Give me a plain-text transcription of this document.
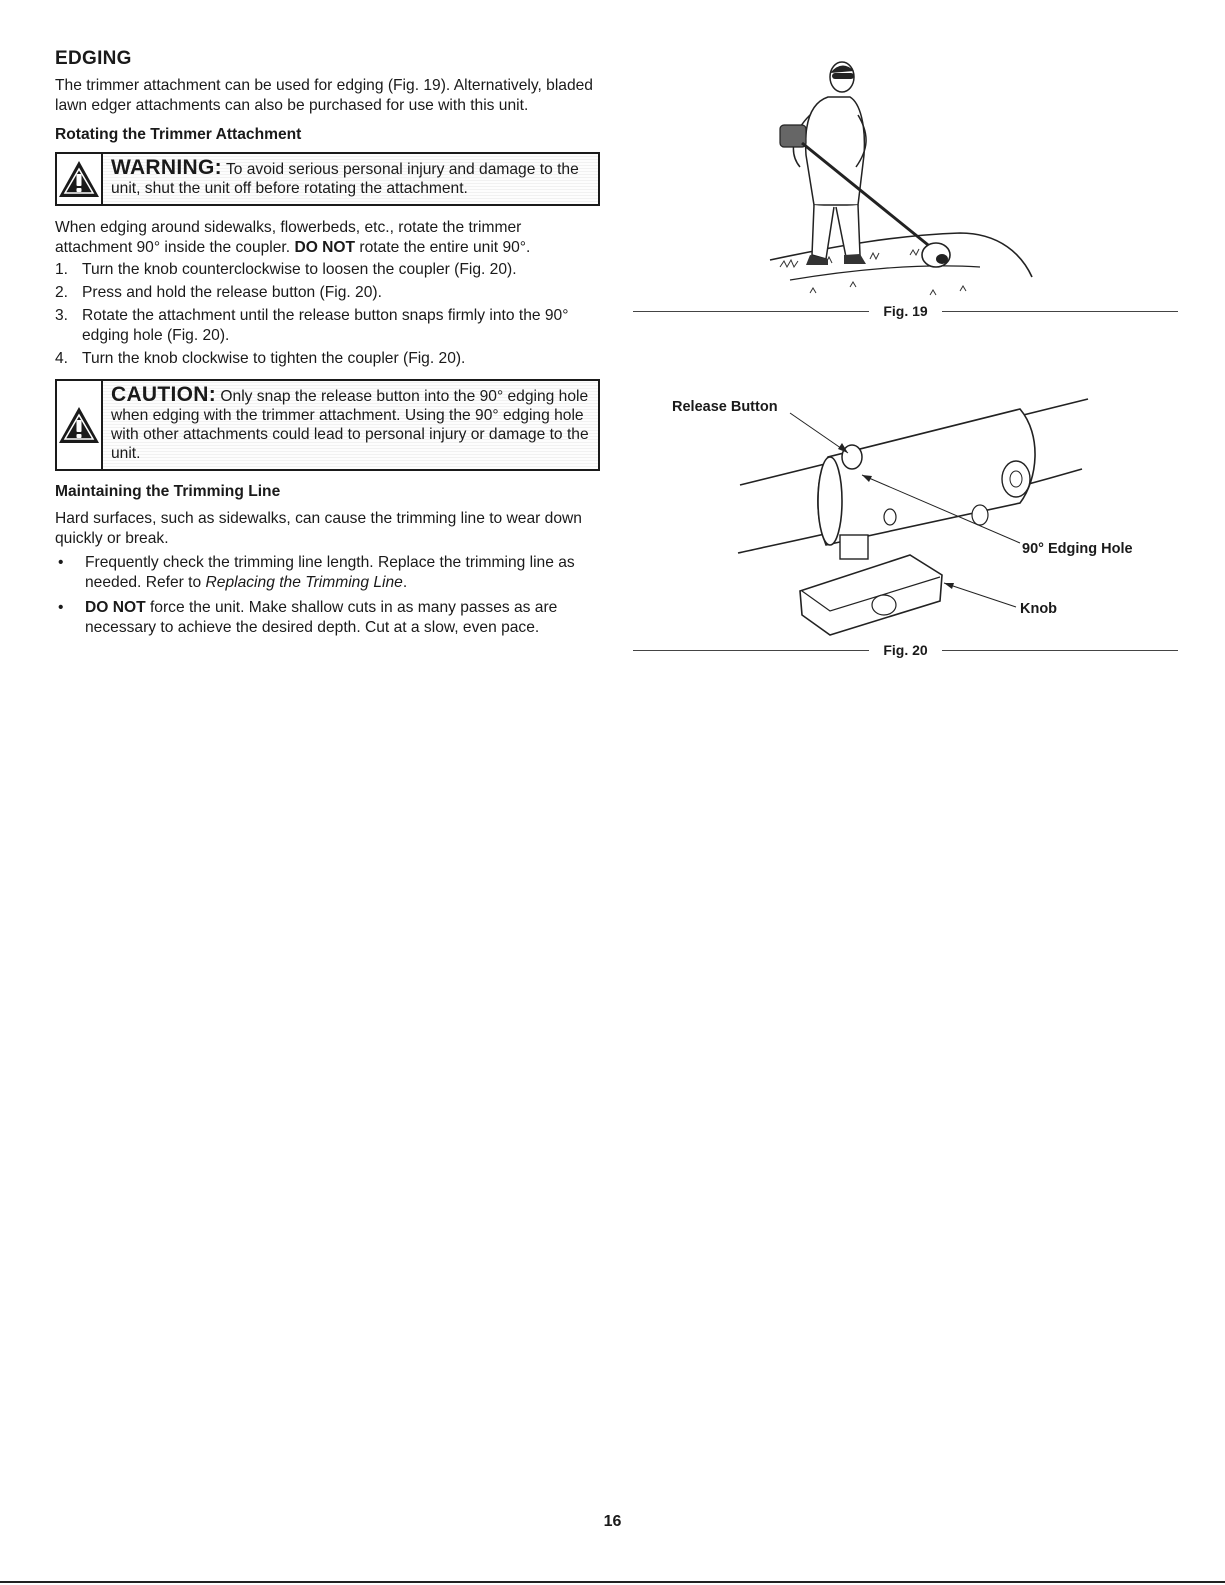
EDGING

The trimmer attachment can be used for edging (Fig. 19). Alternatively, bladed lawn edger attachments can also be purchased for use with this unit.

Rotating the Trimmer Attachment
WARNING: To avoid serious personal injury and damage to the unit, shut the unit off before rotating the attachment.

When edging around sidewalks, flowerbeds, etc., rotate the trimmer attachment 90° inside the coupler. DO NOT rotate the entire unit 90°.

1. Turn the knob counterclockwise to loosen the coupler (Fig. 20).
2. Press and hold the release button (Fig. 20).
3. Rotate the attachment until the release button snaps firmly into the 90° edging hole (Fig. 20).
4. Turn the knob clockwise to tighten the coupler (Fig. 20).
CAUTION: Only snap the release button into the 90° edging hole when edging with the trimmer attachment. Using the 90° edging hole with other attachments could lead to personal injury or damage to the unit.
Maintaining the Trimming Line

Hard surfaces, such as sidewalks, can cause the trimming line to wear down quickly or break.

•	Frequently check the trimming line length. Replace the trimming line as needed. Refer to Replacing the Trimming Line.
•	DO NOT force the unit. Make shallow cuts in as many passes as are necessary to achieve the desired depth. Cut at a slow, even pace.
Fig. 19
Release Button
90° Edging Hole
Knob
Fig. 20
16
